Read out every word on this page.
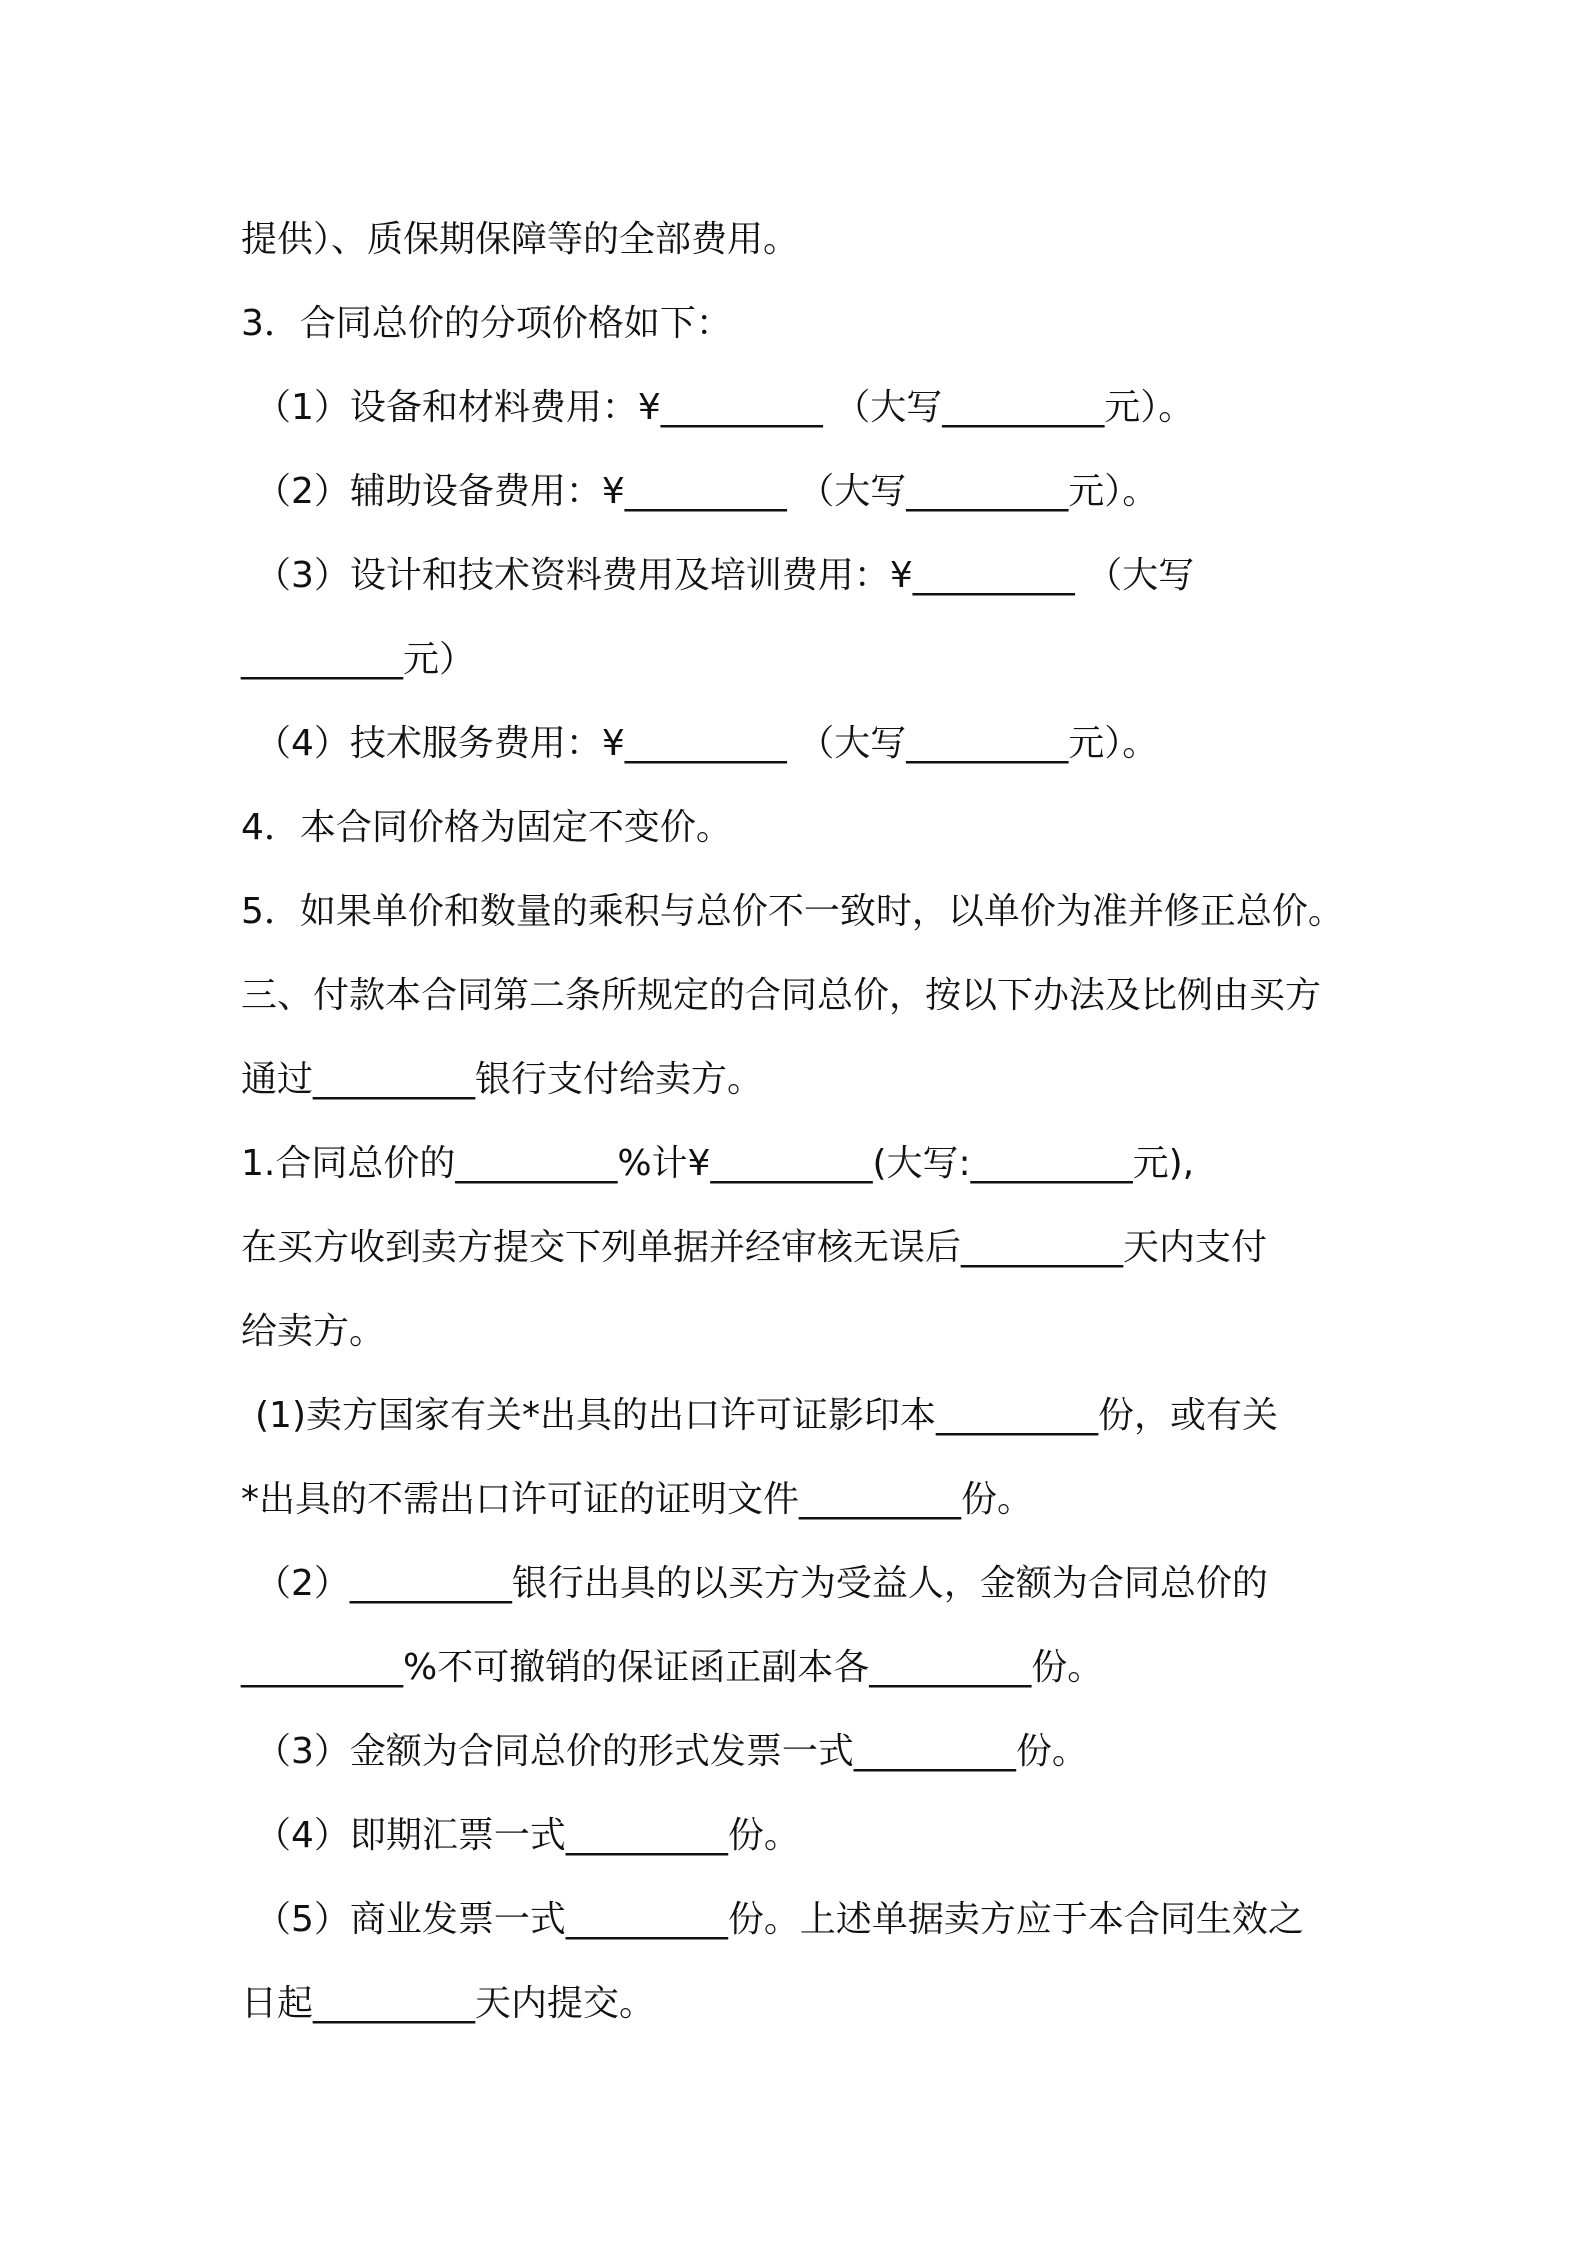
提供）、质保期保障等的全部费用。
3．合同总价的分项价格如下：
（1）设备和材料费用：¥_________ （大写_________元）。
（2）辅助设备费用：¥_________ （大写_________元）。
（3）设计和技术资料费用及培训费用：¥_________ （大写
_________元）
（4）技术服务费用：¥_________ （大写_________元）。
4．本合同价格为固定不变价。
5．如果单价和数量的乘积与总价不一致时，以单价为准并修正总价。
三、付款本合同第二条所规定的合同总价，按以下办法及比例由买方
通过_________银行支付给卖方。
1.合同总价的_________%计¥_________(大写:_________元),
在买方收到卖方提交下列单据并经审核无误后_________天内支付
给卖方。
(1)卖方国家有关*出具的出口许可证影印本_________份，或有关
*出具的不需出口许可证的证明文件_________份。
（2）_________银行出具的以买方为受益人，金额为合同总价的
_________%不可撤销的保证函正副本各_________份。
（3）金额为合同总价的形式发票一式_________份。
（4）即期汇票一式_________份。
（5）商业发票一式_________份。上述单据卖方应于本合同生效之
日起_________天内提交。
